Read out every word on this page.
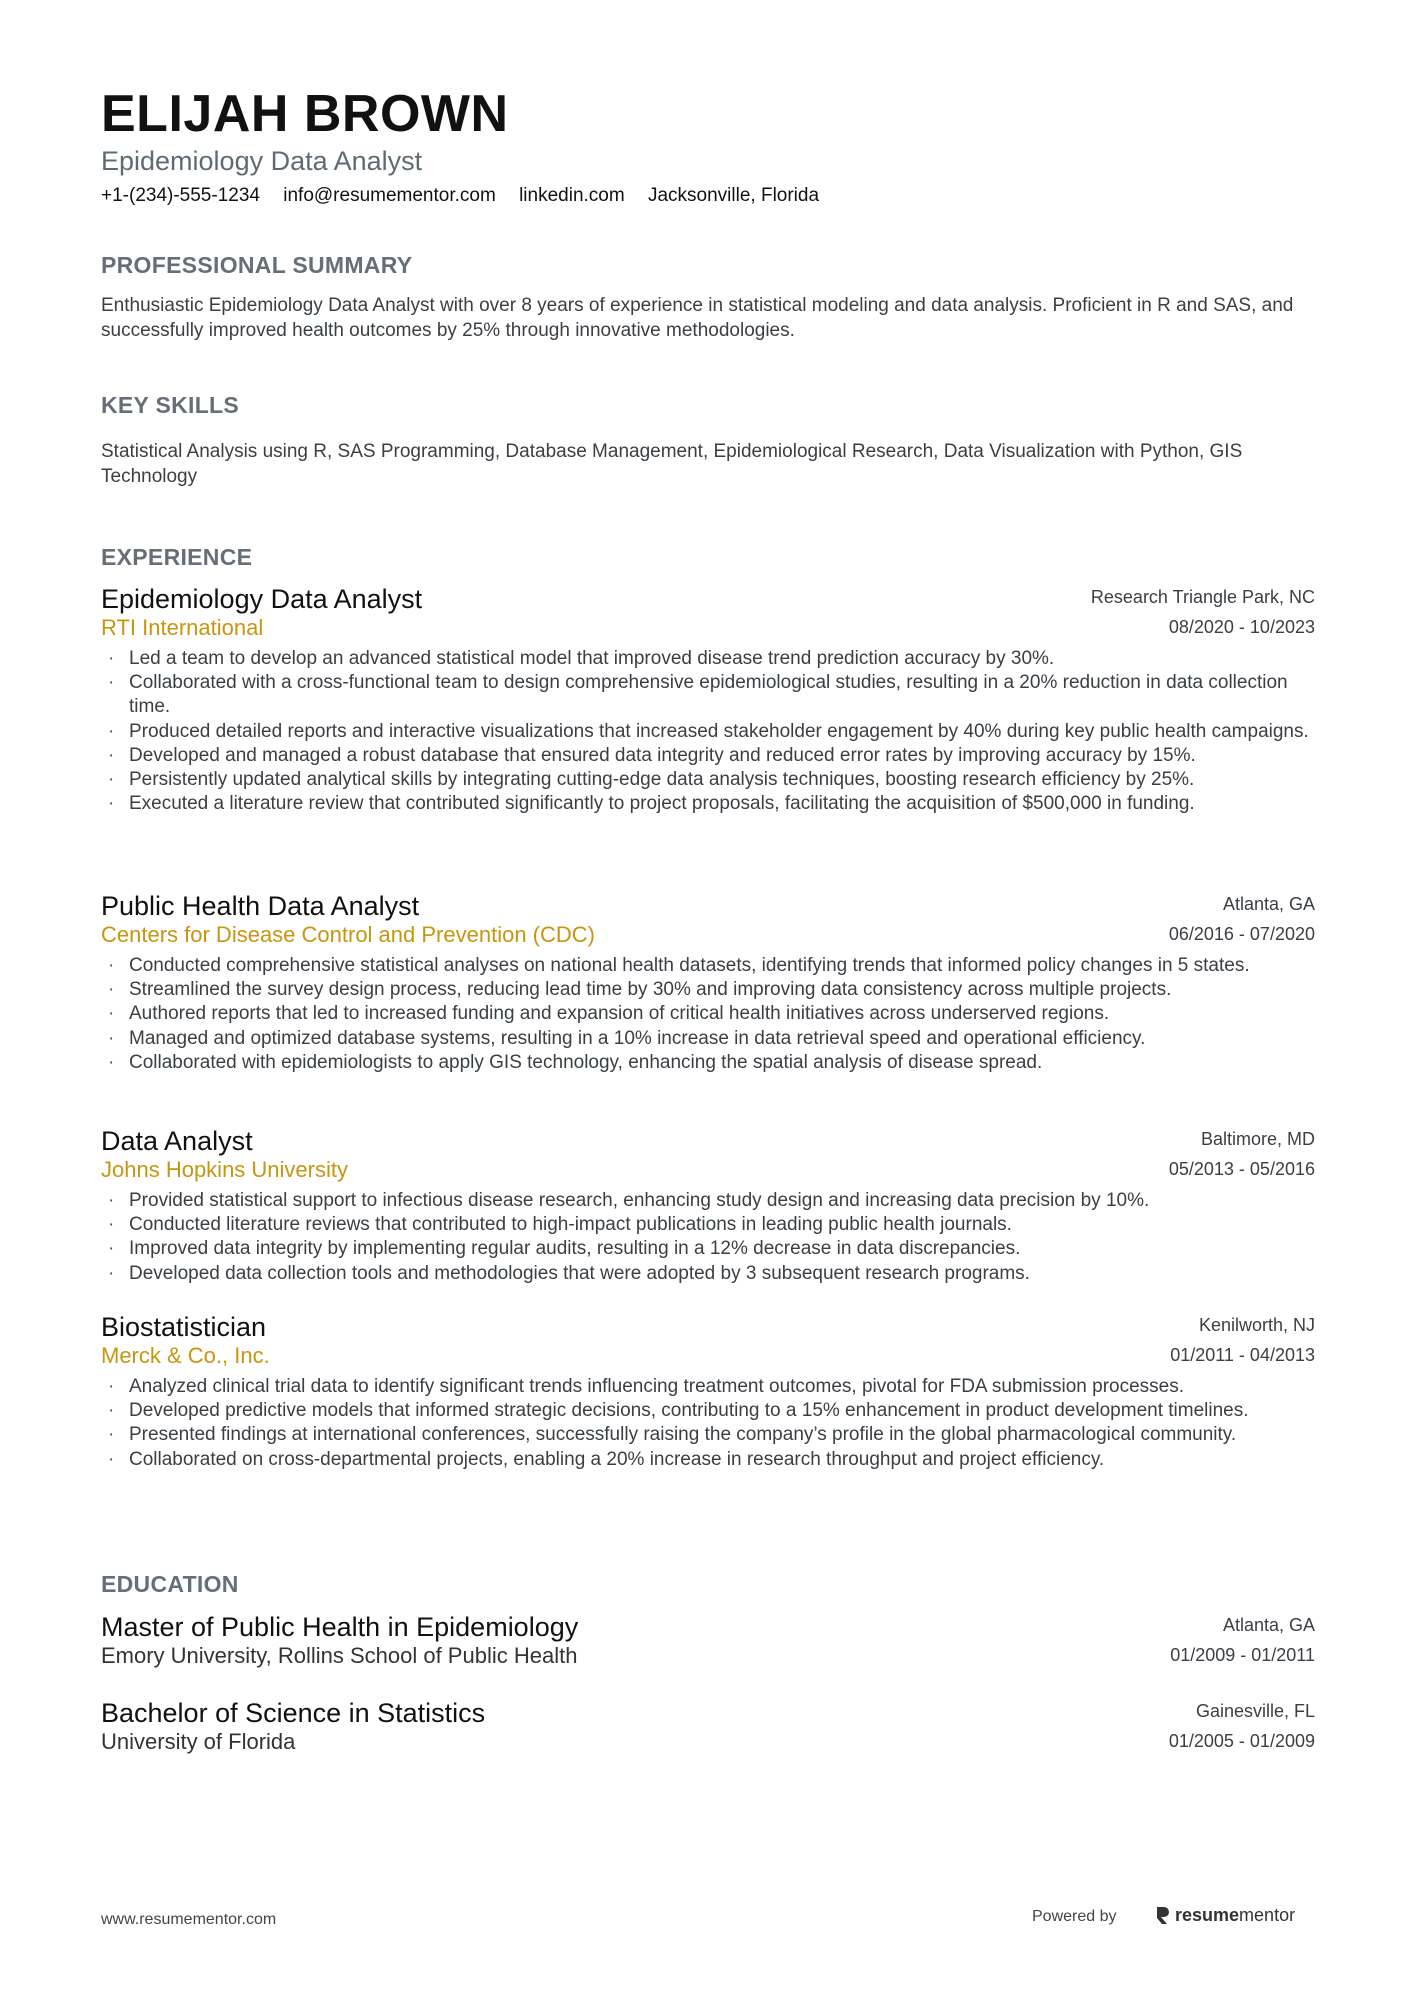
ELIJAH BROWN
Epidemiology Data Analyst
+1-(234)-555-1234 info@resumementor.com linkedin.com Jacksonville, Florida
PROFESSIONAL SUMMARY
Enthusiastic Epidemiology Data Analyst with over 8 years of experience in statistical modeling and data analysis. Proficient in R and SAS, and successfully improved health outcomes by 25% through innovative methodologies.
KEY SKILLS
Statistical Analysis using R, SAS Programming, Database Management, Epidemiological Research, Data Visualization with Python, GIS Technology
EXPERIENCE
Epidemiology Data Analyst
RTI International
Research Triangle Park, NC
08/2020 - 10/2023
· Led a team to develop an advanced statistical model that improved disease trend prediction accuracy by 30%.
· Collaborated with a cross-functional team to design comprehensive epidemiological studies, resulting in a 20% reduction in data collection time.
· Produced detailed reports and interactive visualizations that increased stakeholder engagement by 40% during key public health campaigns.
· Developed and managed a robust database that ensured data integrity and reduced error rates by improving accuracy by 15%.
· Persistently updated analytical skills by integrating cutting-edge data analysis techniques, boosting research efficiency by 25%.
· Executed a literature review that contributed significantly to project proposals, facilitating the acquisition of $500,000 in funding.
Public Health Data Analyst
Centers for Disease Control and Prevention (CDC)
Atlanta, GA
06/2016 - 07/2020
· Conducted comprehensive statistical analyses on national health datasets, identifying trends that informed policy changes in 5 states.
· Streamlined the survey design process, reducing lead time by 30% and improving data consistency across multiple projects.
· Authored reports that led to increased funding and expansion of critical health initiatives across underserved regions.
· Managed and optimized database systems, resulting in a 10% increase in data retrieval speed and operational efficiency.
· Collaborated with epidemiologists to apply GIS technology, enhancing the spatial analysis of disease spread.
Data Analyst
Johns Hopkins University
Baltimore, MD
05/2013 - 05/2016
· Provided statistical support to infectious disease research, enhancing study design and increasing data precision by 10%.
· Conducted literature reviews that contributed to high-impact publications in leading public health journals.
· Improved data integrity by implementing regular audits, resulting in a 12% decrease in data discrepancies.
· Developed data collection tools and methodologies that were adopted by 3 subsequent research programs.
Biostatistician
Merck & Co., Inc.
Kenilworth, NJ
01/2011 - 04/2013
· Analyzed clinical trial data to identify significant trends influencing treatment outcomes, pivotal for FDA submission processes.
· Developed predictive models that informed strategic decisions, contributing to a 15% enhancement in product development timelines.
· Presented findings at international conferences, successfully raising the company’s profile in the global pharmacological community.
· Collaborated on cross-departmental projects, enabling a 20% increase in research throughput and project efficiency.
EDUCATION
Master of Public Health in Epidemiology
Emory University, Rollins School of Public Health
Atlanta, GA
01/2009 - 01/2011
Bachelor of Science in Statistics
University of Florida
Gainesville, FL
01/2005 - 01/2009
www.resumementor.com	Powered by	resumementor
